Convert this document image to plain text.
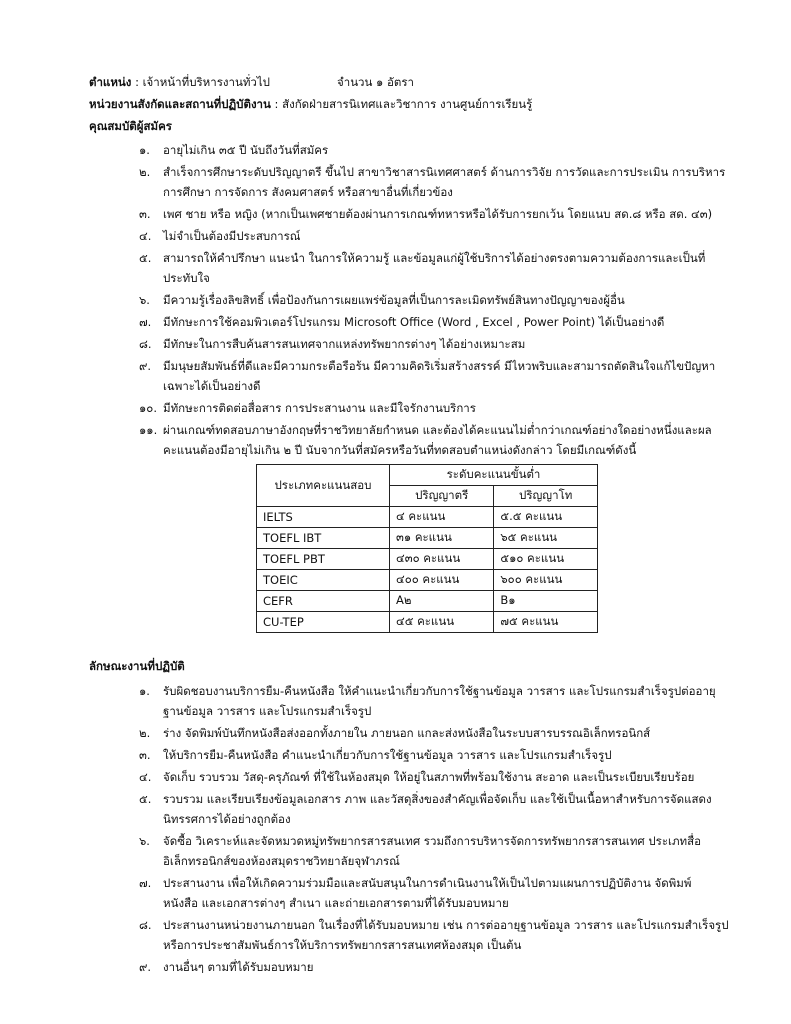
ตำแหน่ง : เจ้าหน้าที่บริหารงานทั่วไป	จำนวน ๑ อัตรา
หน่วยงานสังกัดและสถานที่ปฏิบัติงาน : สังกัดฝ่ายสารนิเทศและวิชาการ งานศูนย์การเรียนรู้
คุณสมบัติผู้สมัคร
๑. อายุไม่เกิน ๓๕ ปี นับถึงวันที่สมัคร
๒. สำเร็จการศึกษาระดับปริญญาตรี ขึ้นไป สาขาวิชาสารนิเทศศาสตร์ ด้านการวิจัย การวัดและการประเมิน การบริหาร
การศึกษา การจัดการ สังคมศาสตร์ หรือสาขาอื่นที่เกี่ยวข้อง
๓. เพศ ชาย หรือ หญิง (หากเป็นเพศชายต้องผ่านการเกณฑ์ทหารหรือได้รับการยกเว้น โดยแนบ สด.๘ หรือ สด. ๔๓)
๔. ไม่จำเป็นต้องมีประสบการณ์
๕. สามารถให้คำปรึกษา แนะนำ ในการให้ความรู้ และข้อมูลแก่ผู้ใช้บริการได้อย่างตรงตามความต้องการและเป็นที่
ประทับใจ
๖. มีความรู้เรื่องลิขสิทธิ์ เพื่อป้องกันการเผยแพร่ข้อมูลที่เป็นการละเมิดทรัพย์สินทางปัญญาของผู้อื่น
๗. มีทักษะการใช้คอมพิวเตอร์โปรแกรม Microsoft Office (Word , Excel , Power Point) ได้เป็นอย่างดี
๘. มีทักษะในการสืบค้นสารสนเทศจากแหล่งทรัพยากรต่างๆ ได้อย่างเหมาะสม
๙. มีมนุษยสัมพันธ์ที่ดีและมีความกระตือรือร้น มีความคิดริเริ่มสร้างสรรค์ มีไหวพริบและสามารถตัดสินใจแก้ไขปัญหา
เฉพาะได้เป็นอย่างดี
๑๐. มีทักษะการติดต่อสื่อสาร การประสานงาน และมีใจรักงานบริการ
๑๑. ผ่านเกณฑ์ทดสอบภาษาอังกฤษที่ราชวิทยาลัยกำหนด และต้องได้คะแนนไม่ต่ำกว่าเกณฑ์อย่างใดอย่างหนึ่งและผล
คะแนนต้องมีอายุไม่เกิน ๒ ปี นับจากวันที่สมัครหรือวันที่ทดสอบตำแหน่งดังกล่าว โดยมีเกณฑ์ดังนี้
ประเภทคะแนนสอบ	ระดับคะแนนขั้นต่ำ	
	ปริญญาตรี	ปริญญาโท
IELTS	๔ คะแนน	๕.๕ คะแนน
TOEFL IBT	๓๑ คะแนน	๖๕ คะแนน
TOEFL PBT	๔๓๐ คะแนน	๕๑๐ คะแนน
TOEIC	๔๐๐ คะแนน	๖๐๐ คะแนน
CEFR	A๒	B๑
CU-TEP	๔๕ คะแนน	๗๕ คะแนน
ลักษณะงานที่ปฏิบัติ
๑. รับผิดชอบงานบริการยืม-คืนหนังสือ ให้คำแนะนำเกี่ยวกับการใช้ฐานข้อมูล วารสาร และโปรแกรมสำเร็จรูปต่ออายุ
ฐานข้อมูล วารสาร และโปรแกรมสำเร็จรูป
๒. ร่าง จัดพิมพ์บันทึกหนังสือส่งออกทั้งภายใน ภายนอก แกละส่งหนังสือในระบบสารบรรณอิเล็กทรอนิกส์
๓. ให้บริการยืม-คืนหนังสือ คำแนะนำเกี่ยวกับการใช้ฐานข้อมูล วารสาร และโปรแกรมสำเร็จรูป
๔. จัดเก็บ รวบรวม วัสดุ-ครุภัณฑ์ ที่ใช้ในห้องสมุด ให้อยู่ในสภาพที่พร้อมใช้งาน สะอาด และเป็นระเบียบเรียบร้อย
๕. รวบรวม และเรียบเรียงข้อมูลเอกสาร ภาพ และวัสดุสิ่งของสำคัญเพื่อจัดเก็บ และใช้เป็นเนื้อหาสำหรับการจัดแสดง
นิทรรศการได้อย่างถูกต้อง
๖. จัดซื้อ วิเคราะห์และจัดหมวดหมู่ทรัพยากรสารสนเทศ รวมถึงการบริหารจัดการทรัพยากรสารสนเทศ ประเภทสื่อ
อิเล็กทรอนิกส์ของห้องสมุดราชวิทยาลัยจุฬาภรณ์
๗. ประสานงาน เพื่อให้เกิดความร่วมมือและสนับสนุนในการดำเนินงานให้เป็นไปตามแผนการปฏิบัติงาน จัดพิมพ์
หนังสือ และเอกสารต่างๆ สำเนา และถ่ายเอกสารตามที่ได้รับมอบหมาย
๘. ประสานงานหน่วยงานภายนอก ในเรื่องที่ได้รับมอบหมาย เช่น การต่ออายุฐานข้อมูล วารสาร และโปรแกรมสำเร็จรูป
หรือการประชาสัมพันธ์การให้บริการทรัพยากรสารสนเทศห้องสมุด เป็นต้น
๙. งานอื่นๆ ตามที่ได้รับมอบหมาย
